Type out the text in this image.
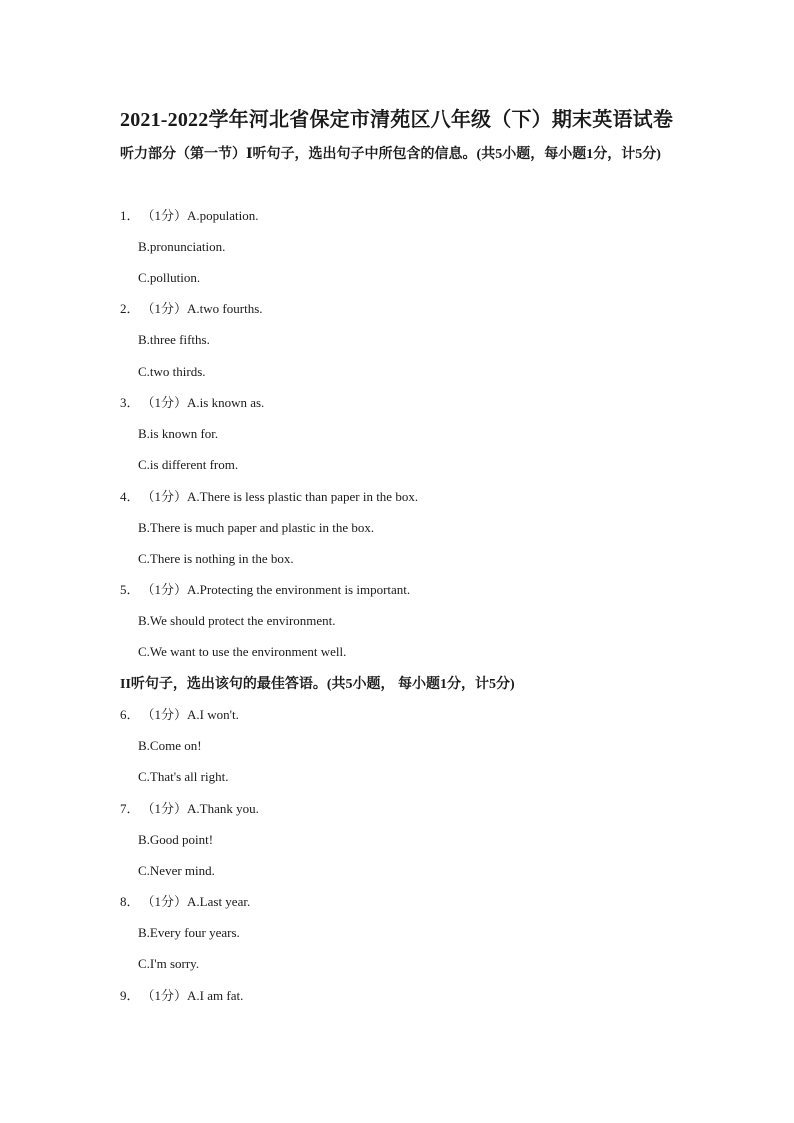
2021-2022学年河北省保定市清苑区八年级（下）期末英语试卷
听力部分（第一节）Ⅰ听句子，选出句子中所包含的信息。(共5小题，每小题1分，计5分)
1． （1分）A.population.
B.pronunciation.
C.pollution.
2． （1分）A.two fourths.
B.three fifths.
C.two thirds.
3． （1分）A.is known as.
B.is known for.
C.is different from.
4． （1分）A.There is less plastic than paper in the box.
B.There is much paper and plastic in the box.
C.There is nothing in the box.
5． （1分）A.Protecting the environment is important.
B.We should protect the environment.
C.We want to use the environment well.
II听句子，选出该句的最佳答语。(共5小题， 每小题1分，计5分)
6． （1分）A.I won't.
B.Come on!
C.That's all right.
7． （1分）A.Thank you.
B.Good point!
C.Never mind.
8． （1分）A.Last year.
B.Every four years.
C.I'm sorry.
9． （1分）A.I am fat.
